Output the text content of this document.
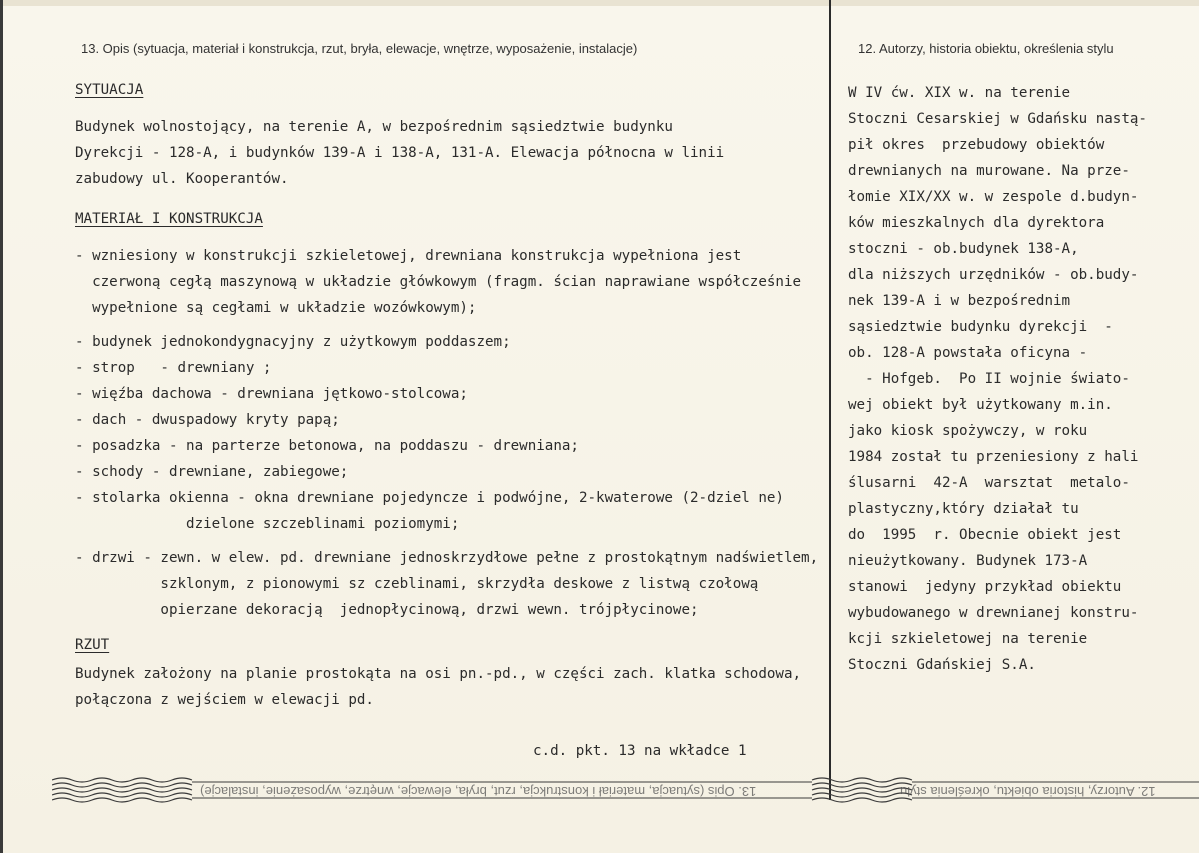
13. Opis (sytuacja, materiał i konstrukcja, rzut, bryła, elewacje, wnętrze, wyposażenie, instalacje)	12. Autorzy, historia obiektu, określenia stylu
SYTUACJA
Budynek wolnostojący, na terenie A, w bezpośrednim sąsiedztwie budynku
Dyrekcji - 128-A, i budynków 139-A i 138-A, 131-A. Elewacja północna w linii
zabudowy ul. Kooperantów.
MATERIAŁ I KONSTRUKCJA
- wzniesiony w konstrukcji szkieletowej, drewniana konstrukcja wypełniona jest
czerwoną cegłą maszynową w układzie główkowym (fragm. ścian naprawiane współcześnie
wypełnione są cegłami w układzie wozówkowym);
- budynek jednokondygnacyjny z użytkowym poddaszem;
- strop   - drewniany ;
- więźba dachowa - drewniana jętkowo-stolcowa;
- dach - dwuspadowy kryty papą;
- posadzka - na parterze betonowa, na poddaszu - drewniana;
- schody - drewniane, zabiegowe;
- stolarka okienna - okna drewniane pojedyncze i podwójne, 2-kwaterowe (2-dziel ne)
dzielone szczeblinami poziomymi;
- drzwi - zewn. w elew. pd. drewniane jednoskrzydłowe pełne z prostokątnym nadświetlem,
szklonym, z pionowymi sz czeblinami, skrzydła deskowe z listwą czołową
opierzane dekoracją  jednopłycinową, drzwi wewn. trójpłycinowe;
RZUT
Budynek założony na planie prostokąta na osi pn.-pd., w części zach. klatka schodowa,
połączona z wejściem w elewacji pd.
c.d. pkt. 13 na wkładce 1
W IV ćw. XIX w. na terenie
Stoczni Cesarskiej w Gdańsku nastą-
pił okres  przebudowy obiektów
drewnianych na murowane. Na prze-
łomie XIX/XX w. w zespole d.budyn-
ków mieszkalnych dla dyrektora
stoczni - ob.budynek 138-A,
dla niższych urzędników - ob.budy-
nek 139-A i w bezpośrednim
sąsiedztwie budynku dyrekcji  -
ob. 128-A powstała oficyna -
- Hofgeb.  Po II wojnie świato-
wej obiekt był użytkowany m.in.
jako kiosk spożywczy, w roku
1984 został tu przeniesiony z hali
ślusarni  42-A  warsztat  metalo-
plastyczny,który działał tu
do  1995  r. Obecnie obiekt jest
nieużytkowany. Budynek 173-A
stanowi  jedyny przykład obiektu
wybudowanego w drewnianej konstru-
kcji szkieletowej na terenie
Stoczni Gdańskiej S.A.
13. Opis (sytuacja, materiał i konstrukcja, rzut, bryła, elewacje, wnętrze, wyposażenie, instalacje)	12. Autorzy, historia obiektu, określenia stylu
